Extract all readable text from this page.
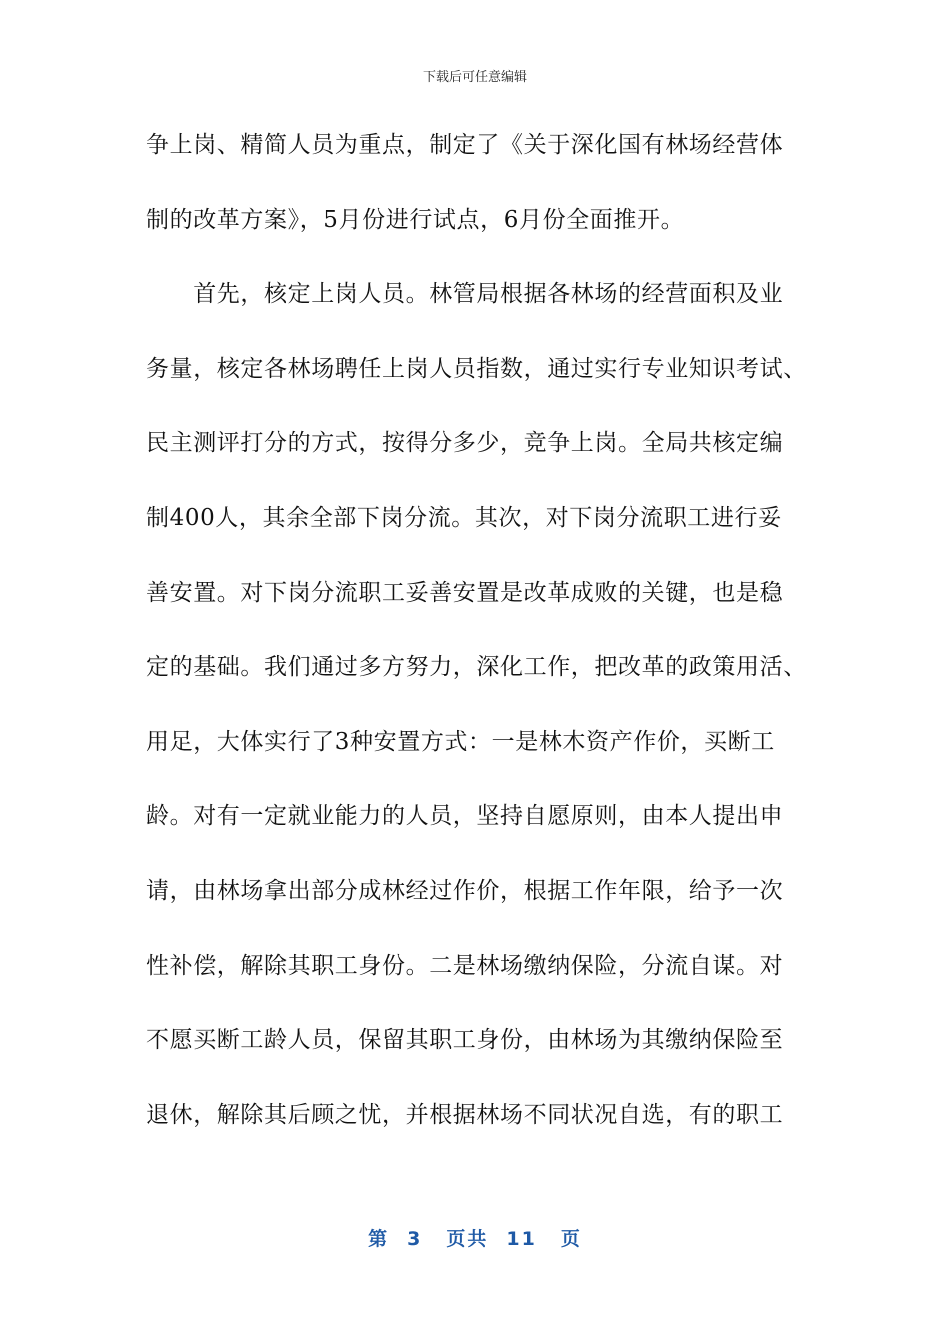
下载后可任意编辑
争上岗、精简人员为重点，制定了《关于深化国有林场经营体
制的改革方案》，5月份进行试点，6月份全面推开。
　　首先，核定上岗人员。林管局根据各林场的经营面积及业
务量，核定各林场聘任上岗人员指数，通过实行专业知识考试、
民主测评打分的方式，按得分多少，竞争上岗。全局共核定编
制400人，其余全部下岗分流。其次，对下岗分流职工进行妥
善安置。对下岗分流职工妥善安置是改革成败的关键，也是稳
定的基础。我们通过多方努力，深化工作，把改革的政策用活、
用足，大体实行了3种安置方式：一是林木资产作价，买断工
龄。对有一定就业能力的人员，坚持自愿原则，由本人提出申
请，由林场拿出部分成林经过作价，根据工作年限，给予一次
性补偿，解除其职工身份。二是林场缴纳保险，分流自谋。对
不愿买断工龄人员，保留其职工身份，由林场为其缴纳保险至
退休，解除其后顾之忧，并根据林场不同状况自选，有的职工
第 3 页共 11 页
